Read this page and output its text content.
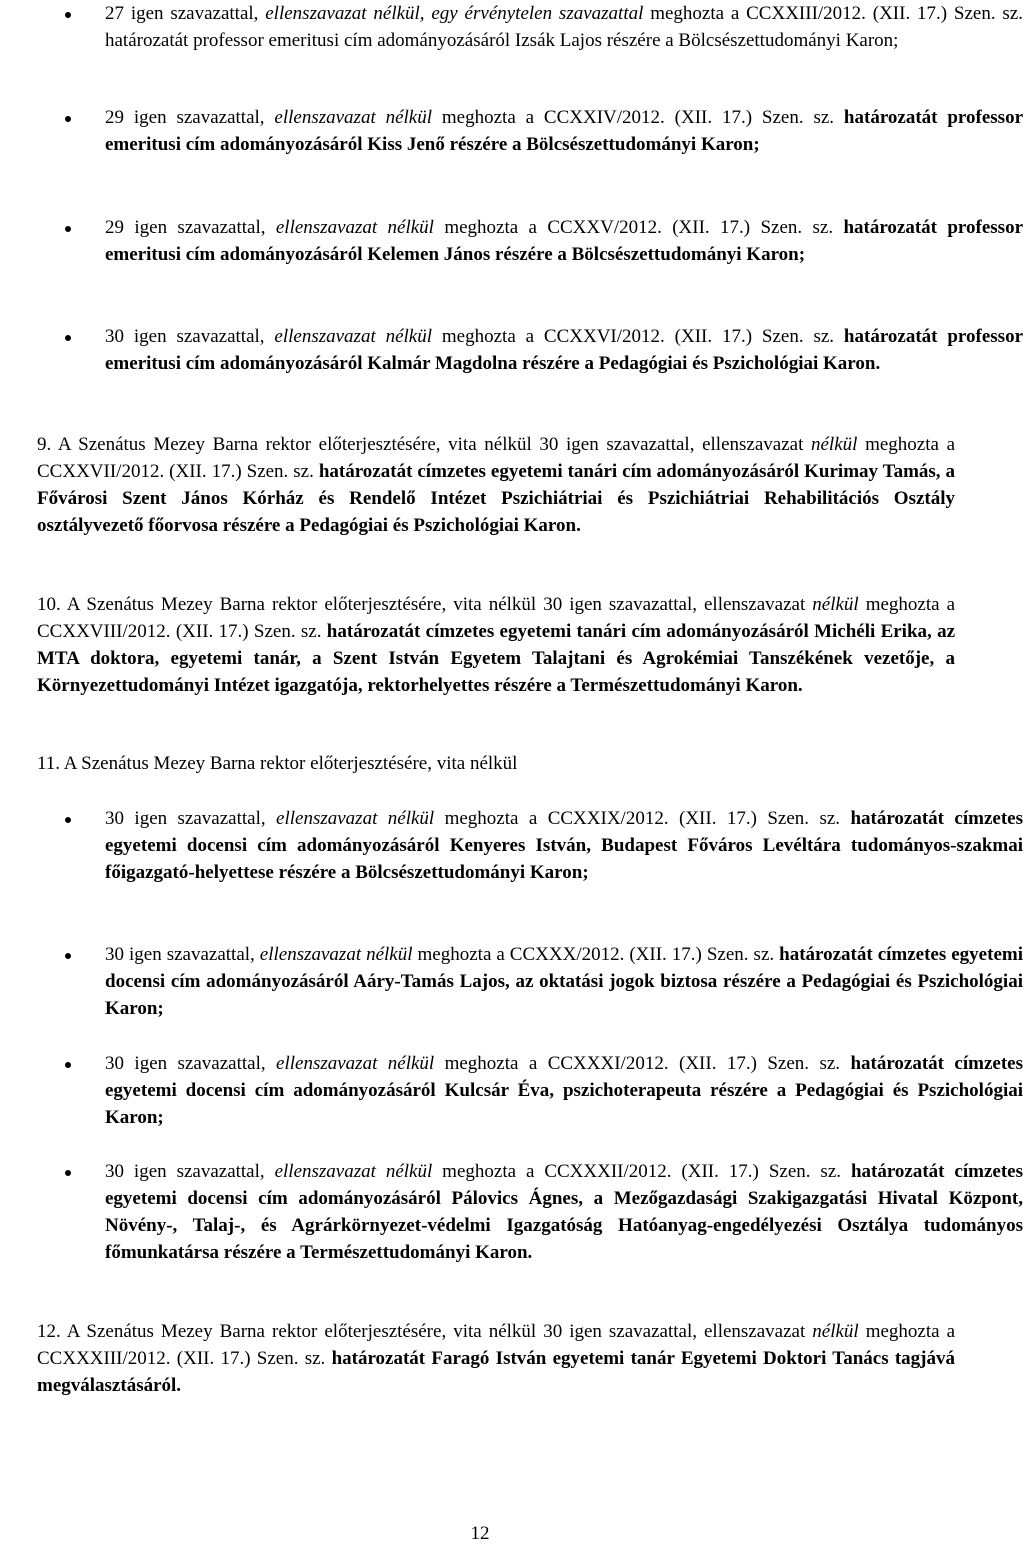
27 igen szavazattal, ellenszavazat nélkül, egy érvénytelen szavazattal meghozta a CCXXIII/2012. (XII. 17.) Szen. sz. határozatát professor emeritusi cím adományozásáról Izsák Lajos részére a Bölcsészettudományi Karon;
29 igen szavazattal, ellenszavazat nélkül meghozta a CCXXIV/2012. (XII. 17.) Szen. sz. határozatát professor emeritusi cím adományozásáról Kiss Jenő részére a Bölcsészettudományi Karon;
29 igen szavazattal, ellenszavazat nélkül meghozta a CCXXV/2012. (XII. 17.) Szen. sz. határozatát professor emeritusi cím adományozásáról Kelemen János részére a Bölcsészettudományi Karon;
30 igen szavazattal, ellenszavazat nélkül meghozta a CCXXVI/2012. (XII. 17.) Szen. sz. határozatát professor emeritusi cím adományozásáról Kalmár Magdolna részére a Pedagógiai és Pszichológiai Karon.
9. A Szenátus Mezey Barna rektor előterjesztésére, vita nélkül 30 igen szavazattal, ellenszavazat nélkül meghozta a CCXXVII/2012. (XII. 17.) Szen. sz. határozatát címzetes egyetemi tanári cím adományozásáról Kurimay Tamás, a Fővárosi Szent János Kórház és Rendelő Intézet Pszichiátriai és Pszichiátriai Rehabilitációs Osztály osztályvezető főorvosa részére a Pedagógiai és Pszichológiai Karon.
10. A Szenátus Mezey Barna rektor előterjesztésére, vita nélkül 30 igen szavazattal, ellenszavazat nélkül meghozta a CCXXVIII/2012. (XII. 17.) Szen. sz. határozatát címzetes egyetemi tanári cím adományozásáról Michéli Erika, az MTA doktora, egyetemi tanár, a Szent István Egyetem Talajtani és Agrokémiai Tanszékének vezetője, a Környezettudományi Intézet igazgatója, rektorhelyettes részére a Természettudományi Karon.
11. A Szenátus Mezey Barna rektor előterjesztésére, vita nélkül
30 igen szavazattal, ellenszavazat nélkül meghozta a CCXXIX/2012. (XII. 17.) Szen. sz. határozatát címzetes egyetemi docensi cím adományozásáról Kenyeres István, Budapest Főváros Levéltára tudományos-szakmai főigazgató-helyettese részére a Bölcsészettudományi Karon;
30 igen szavazattal, ellenszavazat nélkül meghozta a CCXXX/2012. (XII. 17.) Szen. sz. határozatát címzetes egyetemi docensi cím adományozásáról Aáry-Tamás Lajos, az oktatási jogok biztosa részére a Pedagógiai és Pszichológiai Karon;
30 igen szavazattal, ellenszavazat nélkül meghozta a CCXXXI/2012. (XII. 17.) Szen. sz. határozatát címzetes egyetemi docensi cím adományozásáról Kulcsár Éva, pszichoterapeuta részére a Pedagógiai és Pszichológiai Karon;
30 igen szavazattal, ellenszavazat nélkül meghozta a CCXXXII/2012. (XII. 17.) Szen. sz. határozatát címzetes egyetemi docensi cím adományozásáról Pálovics Ágnes, a Mezőgazdasági Szakigazgatási Hivatal Központ, Növény-, Talaj-, és Agrárkörnyezet-védelmi Igazgatóság Hatóanyag-engedélyezési Osztálya tudományos főmunkatársa részére a Természettudományi Karon.
12. A Szenátus Mezey Barna rektor előterjesztésére, vita nélkül 30 igen szavazattal, ellenszavazat nélkül meghozta a CCXXXIII/2012. (XII. 17.) Szen. sz. határozatát Faragó István egyetemi tanár Egyetemi Doktori Tanács tagjává megválasztásáról.
12
